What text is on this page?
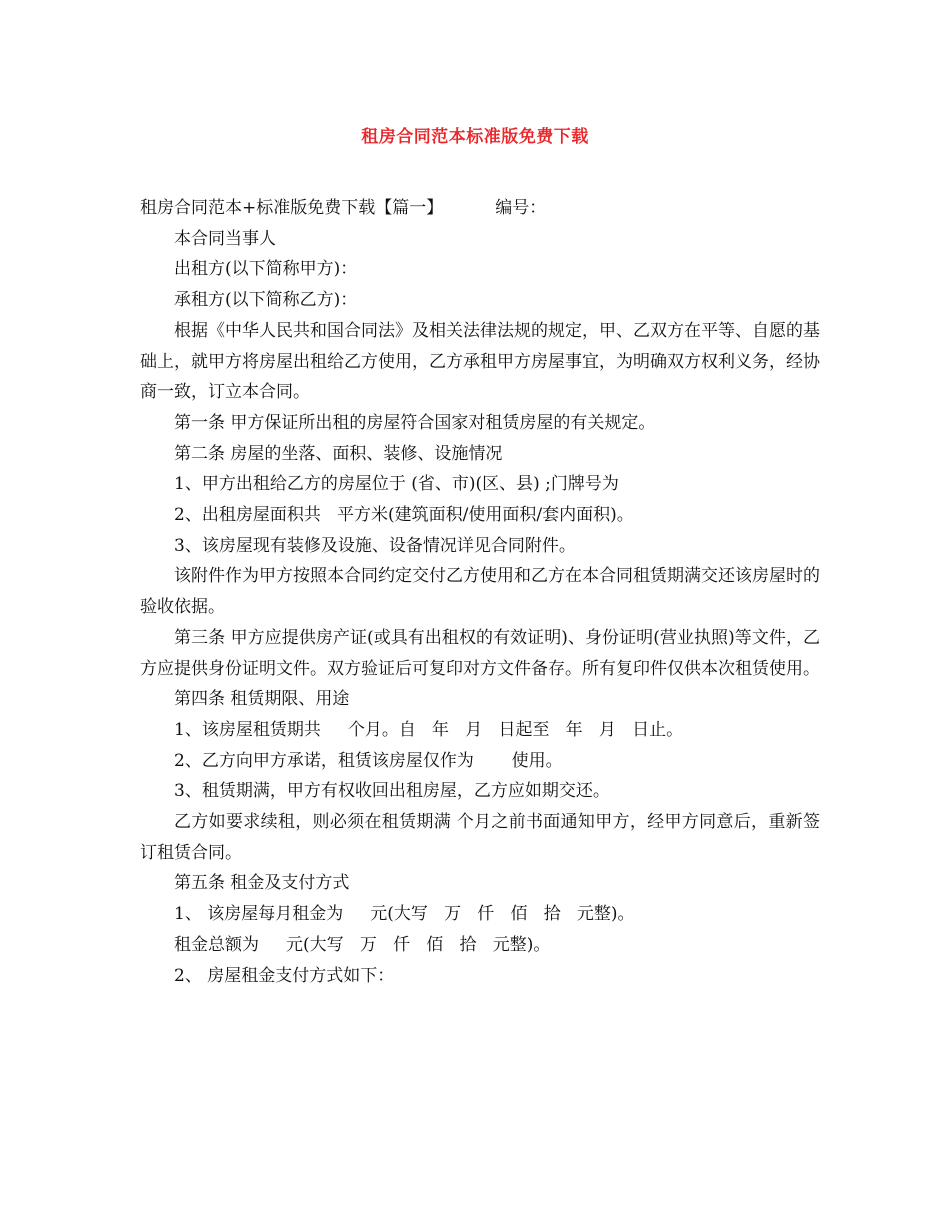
租房合同范本标准版免费下载

租房合同范本+标准版免费下载【篇一】	编号：

本合同当事人

出租方(以下简称甲方)：

承租方(以下简称乙方)：

根据《中华人民共和国合同法》及相关法律法规的规定，甲、乙双方在平等、自愿的基础上，就甲方将房屋出租给乙方使用，乙方承租甲方房屋事宜，为明确双方权利义务，经协商一致，订立本合同。

第一条 甲方保证所出租的房屋符合国家对租赁房屋的有关规定。

第二条 房屋的坐落、面积、装修、设施情况

1、甲方出租给乙方的房屋位于 (省、市)(区、县) ;门牌号为

2、出租房屋面积共   平方米(建筑面积/使用面积/套内面积)。

3、该房屋现有装修及设施、设备情况详见合同附件。

该附件作为甲方按照本合同约定交付乙方使用和乙方在本合同租赁期满交还该房屋时的验收依据。

第三条 甲方应提供房产证(或具有出租权的有效证明)、身份证明(营业执照)等文件，乙方应提供身份证明文件。双方验证后可复印对方文件备存。所有复印件仅供本次租赁使用。

第四条 租赁期限、用途

1、该房屋租赁期共     个月。自   年   月   日起至   年   月   日止。

2、乙方向甲方承诺，租赁该房屋仅作为       使用。

3、租赁期满，甲方有权收回出租房屋，乙方应如期交还。

乙方如要求续租，则必须在租赁期满 个月之前书面通知甲方，经甲方同意后，重新签订租赁合同。

第五条 租金及支付方式

1、 该房屋每月租金为     元(大写   万   仟   佰   拾   元整)。

租金总额为     元(大写   万   仟   佰   拾   元整)。

2、 房屋租金支付方式如下：
